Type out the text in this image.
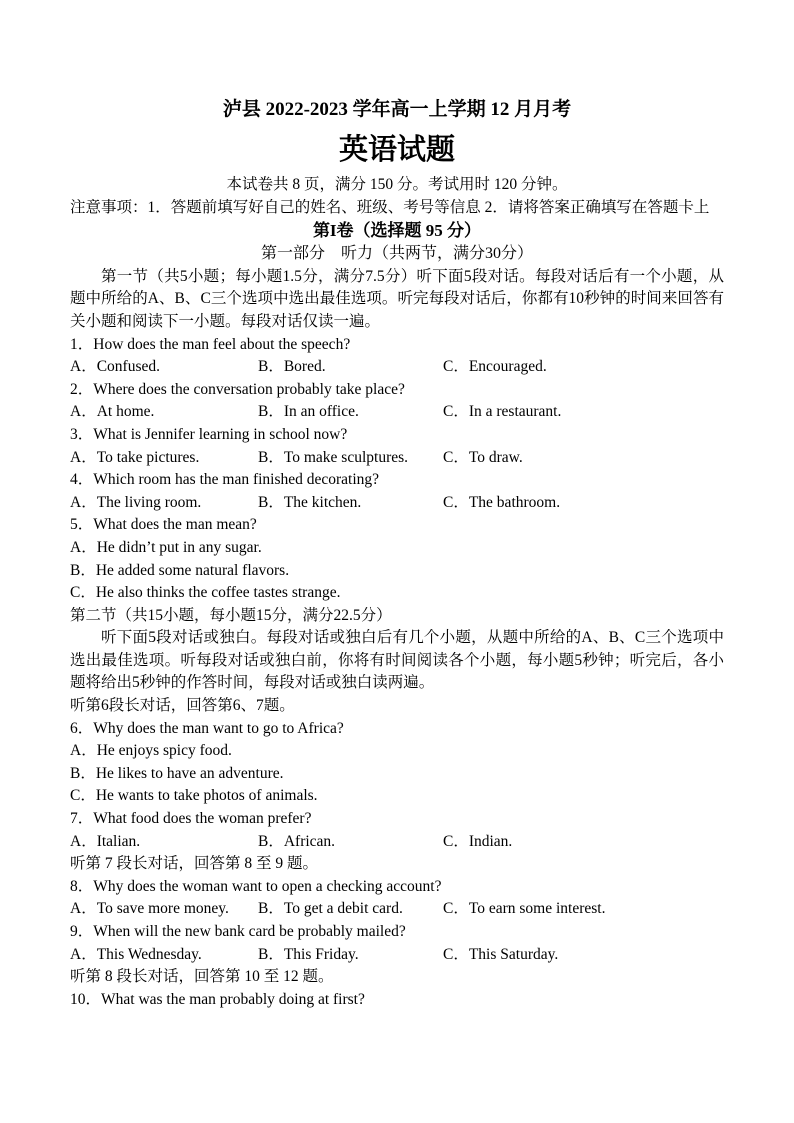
泸县 2022-2023 学年高一上学期 12 月月考
英语试题
本试卷共 8 页，满分 150 分。考试用时 120 分钟。
注意事项：1．答题前填写好自己的姓名、班级、考号等信息 2．请将答案正确填写在答题卡上
第I卷（选择题 95 分）
第一部分　听力（共两节，满分30分）
第一节（共5小题；每小题1.5分，满分7.5分）听下面5段对话。每段对话后有一个小题，从题中所给的A、B、C三个选项中选出最佳选项。听完每段对话后，你都有10秒钟的时间来回答有关小题和阅读下一小题。每段对话仅读一遍。
1．How does the man feel about the speech?
A．Confused.	B．Bored.	C．Encouraged.
2．Where does the conversation probably take place?
A．At home.	B．In an office.	C．In a restaurant.
3．What is Jennifer learning in school now?
A．To take pictures.	B．To make sculptures.	C．To draw.
4．Which room has the man finished decorating?
A．The living room.	B．The kitchen.	C．The bathroom.
5．What does the man mean?
A．He didn’t put in any sugar.
B．He added some natural flavors.
C．He also thinks the coffee tastes strange.
第二节（共15小题，每小题15分，满分22.5分）
听下面5段对话或独白。每段对话或独白后有几个小题，从题中所给的A、B、C三个选项中选出最佳选项。听每段对话或独白前，你将有时间阅读各个小题，每小题5秒钟；听完后，各小题将给出5秒钟的作答时间，每段对话或独白读两遍。
听第6段长对话，回答第6、7题。
6．Why does the man want to go to Africa?
A．He enjoys spicy food.
B．He likes to have an adventure.
C．He wants to take photos of animals.
7．What food does the woman prefer?
A．Italian.	B．African.	C．Indian.
听第 7 段长对话，回答第 8 至 9 题。
8．Why does the woman want to open a checking account?
A．To save more money.	B．To get a debit card.	C．To earn some interest.
9．When will the new bank card be probably mailed?
A．This Wednesday.	B．This Friday.	C．This Saturday.
听第 8 段长对话，回答第 10 至 12 题。
10．What was the man probably doing at first?
